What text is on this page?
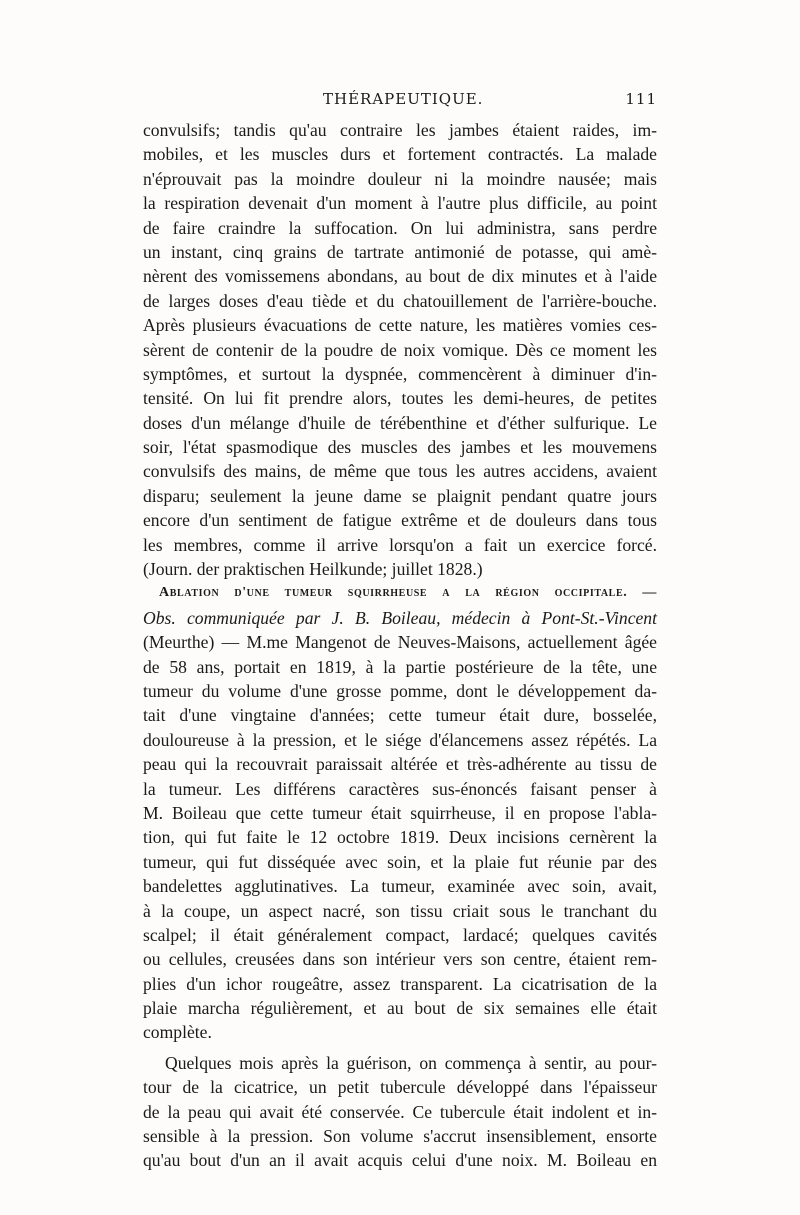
THÉRAPEUTIQUE.	111
convulsifs; tandis qu'au contraire les jambes étaient raides, im-
mobiles, et les muscles durs et fortement contractés. La malade
n'éprouvait pas la moindre douleur ni la moindre nausée; mais
la respiration devenait d'un moment à l'autre plus difficile, au point
de faire craindre la suffocation. On lui administra, sans perdre
un instant, cinq grains de tartrate antimonié de potasse, qui amè-
nèrent des vomissemens abondans, au bout de dix minutes et à l'aide
de larges doses d'eau tiède et du chatouillement de l'arrière-bouche.
Après plusieurs évacuations de cette nature, les matières vomies ces-
sèrent de contenir de la poudre de noix vomique. Dès ce moment les
symptômes, et surtout la dyspnée, commencèrent à diminuer d'in-
tensité. On lui fit prendre alors, toutes les demi-heures, de petites
doses d'un mélange d'huile de térébenthine et d'éther sulfurique. Le
soir, l'état spasmodique des muscles des jambes et les mouvemens
convulsifs des mains, de même que tous les autres accidens, avaient
disparu; seulement la jeune dame se plaignit pendant quatre jours
encore d'un sentiment de fatigue extrême et de douleurs dans tous
les membres, comme il arrive lorsqu'on a fait un exercice forcé.
(Journ. der praktischen Heilkunde; juillet 1828.)
Ablation d'une tumeur squirrheuse a la région occipitale. —
Obs. communiquée par J. B. Boileau, médecin à Pont-St.-Vincent
(Meurthe) — M.me Mangenot de Neuves-Maisons, actuellement âgée
de 58 ans, portait en 1819, à la partie postérieure de la tête, une
tumeur du volume d'une grosse pomme, dont le développement da-
tait d'une vingtaine d'années; cette tumeur était dure, bosselée,
douloureuse à la pression, et le siége d'élancemens assez répétés. La
peau qui la recouvrait paraissait altérée et très-adhérente au tissu de
la tumeur. Les différens caractères sus-énoncés faisant penser à
M. Boileau que cette tumeur était squirrheuse, il en propose l'abla-
tion, qui fut faite le 12 octobre 1819. Deux incisions cernèrent la
tumeur, qui fut disséquée avec soin, et la plaie fut réunie par des
bandelettes agglutinatives. La tumeur, examinée avec soin, avait,
à la coupe, un aspect nacré, son tissu criait sous le tranchant du
scalpel; il était généralement compact, lardacé; quelques cavités
ou cellules, creusées dans son intérieur vers son centre, étaient rem-
plies d'un ichor rougeâtre, assez transparent. La cicatrisation de la
plaie marcha régulièrement, et au bout de six semaines elle était
complète.
Quelques mois après la guérison, on commença à sentir, au pour-
tour de la cicatrice, un petit tubercule développé dans l'épaisseur
de la peau qui avait été conservée. Ce tubercule était indolent et in-
sensible à la pression. Son volume s'accrut insensiblement, ensorte
qu'au bout d'un an il avait acquis celui d'une noix. M. Boileau en
